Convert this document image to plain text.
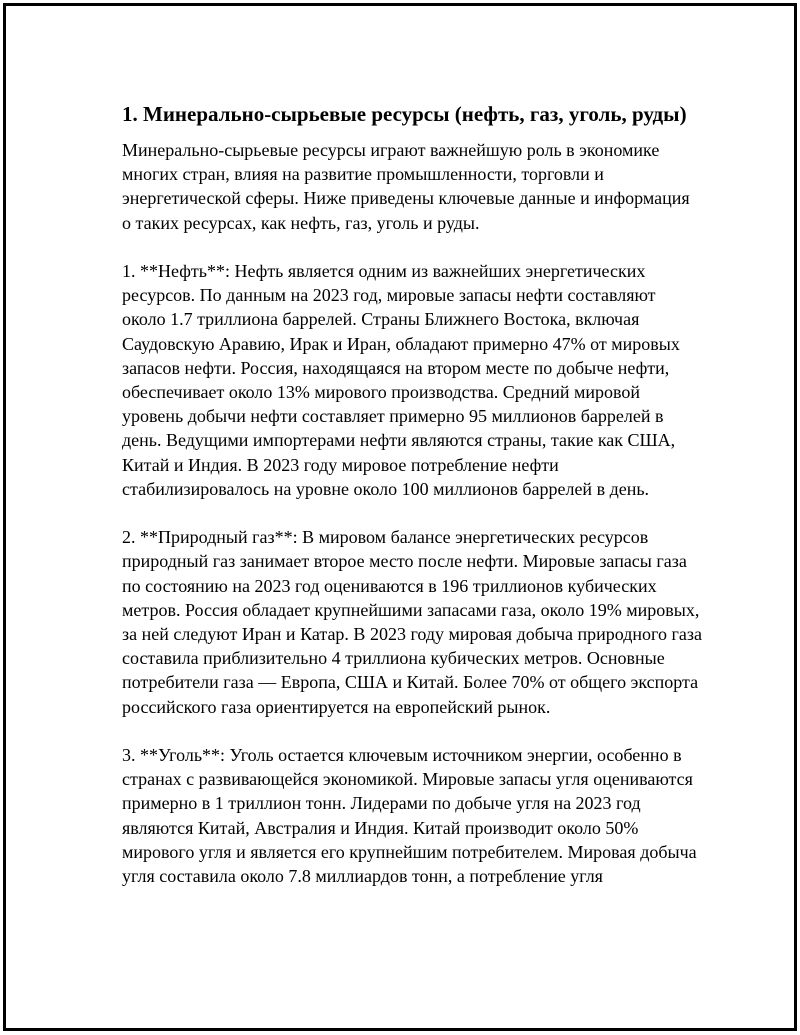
1. Минерально-сырьевые ресурсы (нефть, газ, уголь, руды)

Минерально-сырьевые ресурсы играют важнейшую роль в экономике многих стран, влияя на развитие промышленности, торговли и энергетической сферы. Ниже приведены ключевые данные и информация о таких ресурсах, как нефть, газ, уголь и руды.

1. **Нефть**: Нефть является одним из важнейших энергетических ресурсов. По данным на 2023 год, мировые запасы нефти составляют около 1.7 триллиона баррелей. Страны Ближнего Востока, включая Саудовскую Аравию, Ирак и Иран, обладают примерно 47% от мировых запасов нефти. Россия, находящаяся на втором месте по добыче нефти, обеспечивает около 13% мирового производства. Средний мировой уровень добычи нефти составляет примерно 95 миллионов баррелей в день. Ведущими импортерами нефти являются страны, такие как США, Китай и Индия. В 2023 году мировое потребление нефти стабилизировалось на уровне около 100 миллионов баррелей в день.

2. **Природный газ**: В мировом балансе энергетических ресурсов природный газ занимает второе место после нефти. Мировые запасы газа по состоянию на 2023 год оцениваются в 196 триллионов кубических метров. Россия обладает крупнейшими запасами газа, около 19% мировых, за ней следуют Иран и Катар. В 2023 году мировая добыча природного газа составила приблизительно 4 триллиона кубических метров. Основные потребители газа — Европа, США и Китай. Более 70% от общего экспорта российского газа ориентируется на европейский рынок.

3. **Уголь**: Уголь остается ключевым источником энергии, особенно в странах с развивающейся экономикой. Мировые запасы угля оцениваются примерно в 1 триллион тонн. Лидерами по добыче угля на 2023 год являются Китай, Австралия и Индия. Китай производит около 50% мирового угля и является его крупнейшим потребителем. Мировая добыча угля составила около 7.8 миллиардов тонн, а потребление угля
